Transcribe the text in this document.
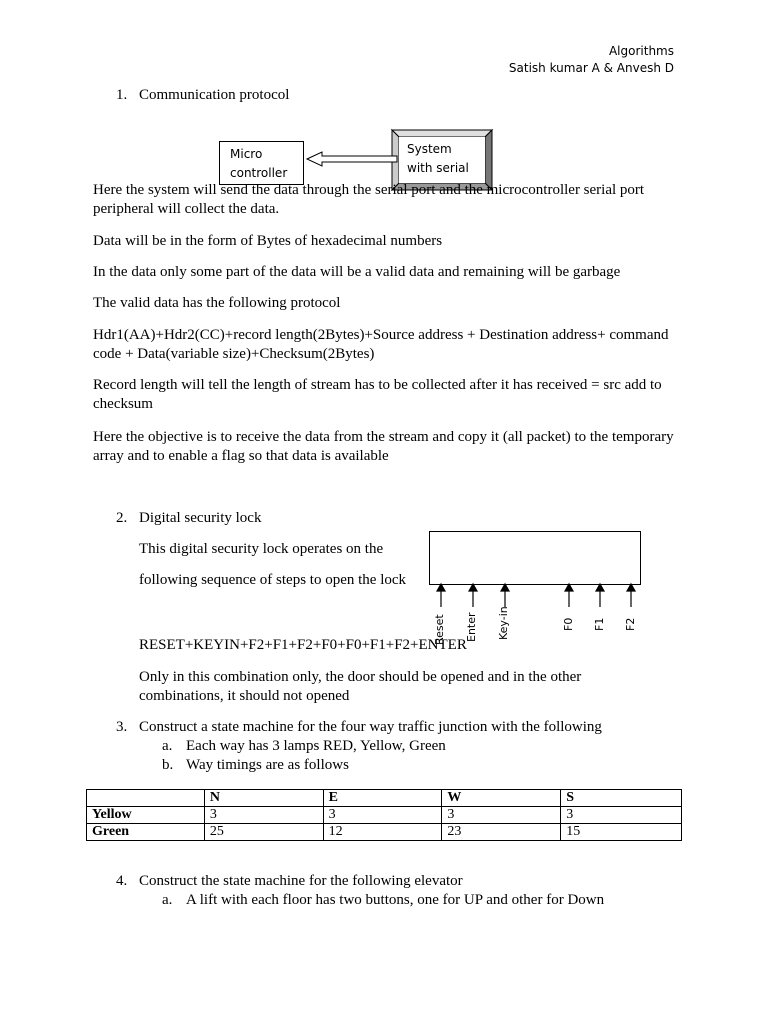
Algorithms
Satish kumar A & Anvesh D
1. Communication protocol
Micro
controller
System
with serial
Here the system will send the data through the serial port and the microcontroller serial port peripheral will collect the data.
Data will be in the form of Bytes of hexadecimal numbers
In the data only some part of the data will be a valid data and remaining will be garbage
The valid data has the following protocol
Hdr1(AA)+Hdr2(CC)+record length(2Bytes)+Source address + Destination address+ command code + Data(variable size)+Checksum(2Bytes)
Record length will tell the length of stream has to be collected after it has received = src add to checksum
Here the objective is to receive the data from the stream and copy it (all packet) to the temporary array and to enable a flag so that data is available
2. Digital security lock
This digital security lock operates on the
following sequence of steps to open the lock
Reset Enter Key-in	F0 F1 F2
RESET+KEYIN+F2+F1+F2+F0+F0+F1+F2+ENTER
Only in this combination only, the door should be opened and in the other combinations, it should not opened
3. Construct a state machine for the four way traffic junction with the following
a. Each way has 3 lamps RED, Yellow, Green
b. Way timings are as follows
	N	E	W	S
Yellow	3	3	3	3
Green	25	12	23	15
4. Construct the state machine for the following elevator
a. A lift with each floor has two buttons, one for UP and other for Down
